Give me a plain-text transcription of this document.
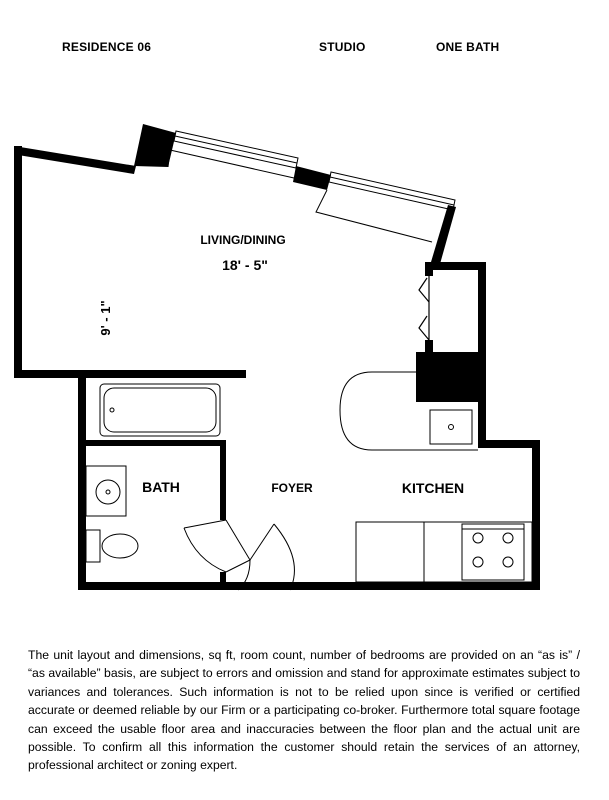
RESIDENCE 06	STUDIO	ONE BATH
LIVING/DINING
18' - 5"
9' - 1"
BATH	FOYER	KITCHEN
The unit layout and dimensions, sq ft, room count, number of bedrooms are provided on an “as is” / “as available” basis, are subject to errors and omission and stand for approximate estimates subject to variances and tolerances. Such information is not to be relied upon since is verified or certified accurate or deemed reliable by our Firm or a participating co-broker. Furthermore total square footage can exceed the usable floor area and inaccuracies between the floor plan and the actual unit are possible. To confirm all this information the customer should retain the services of an attorney, professional architect or zoning expert.
